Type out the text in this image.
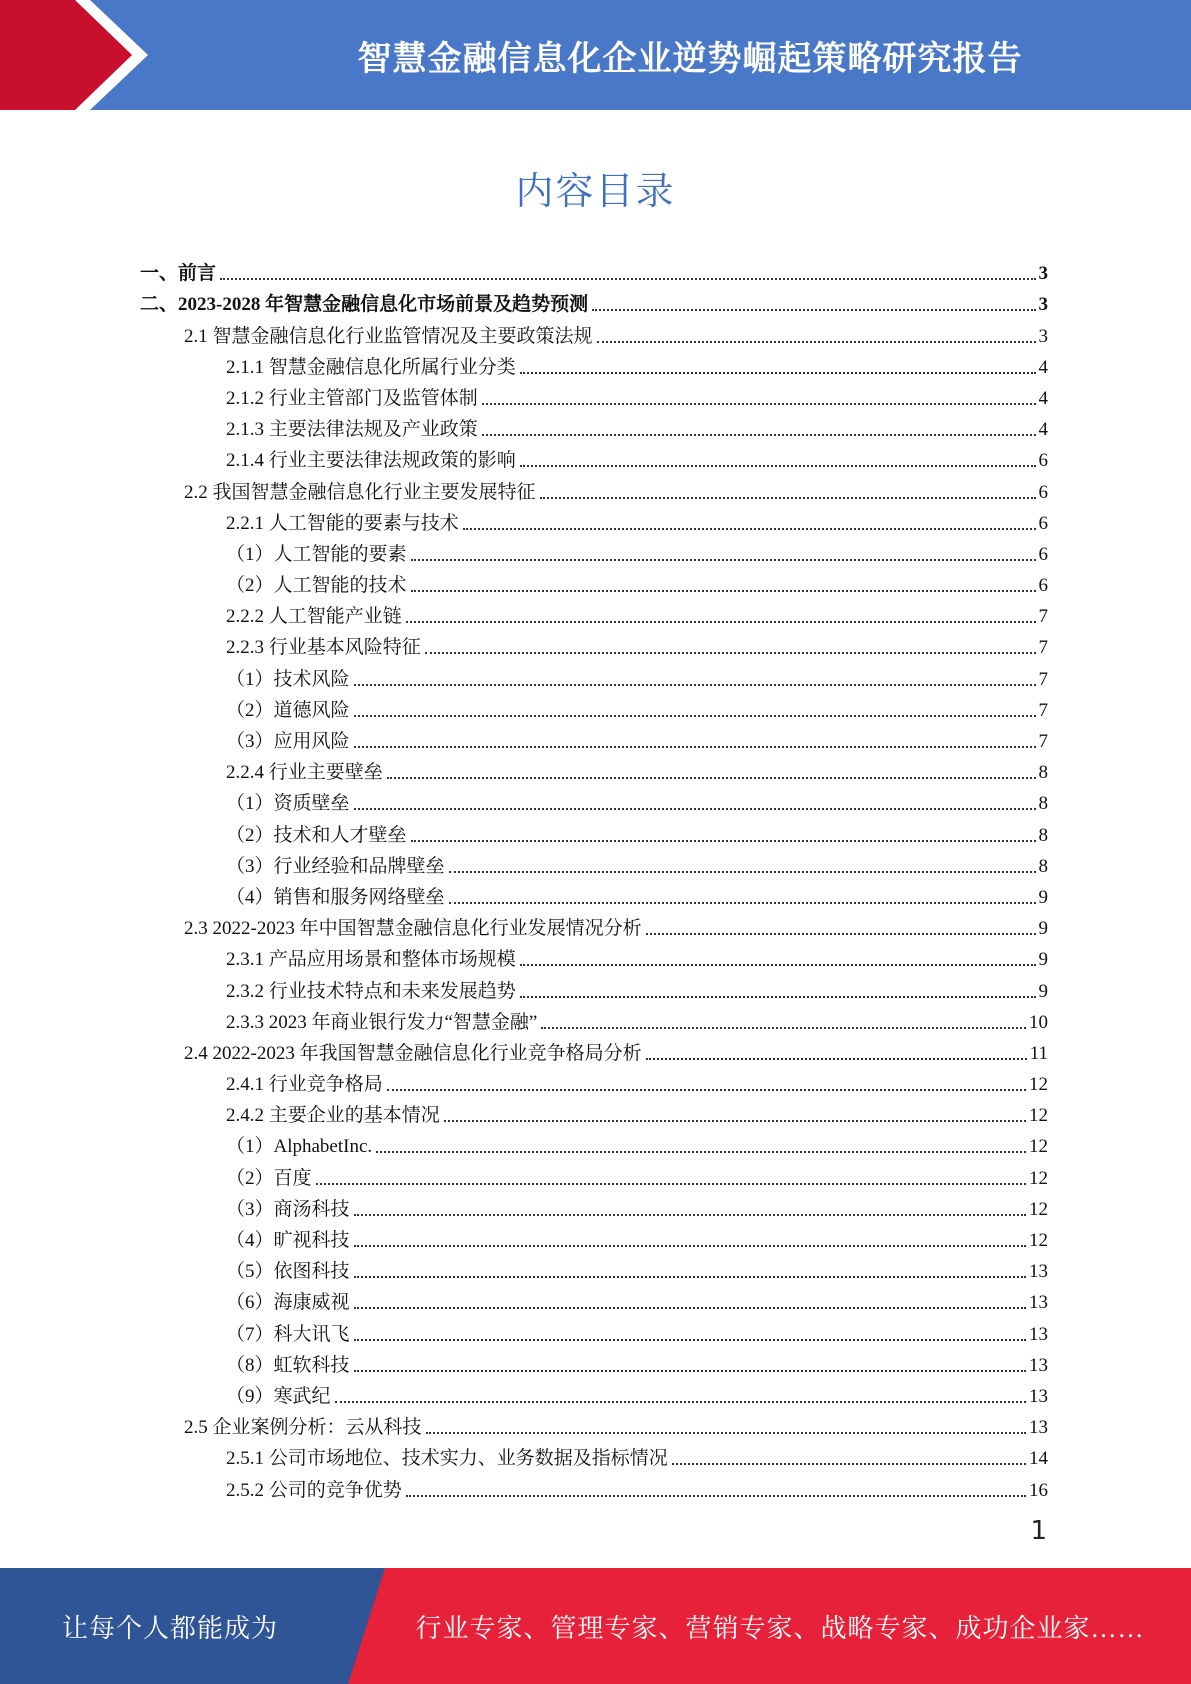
智慧金融信息化企业逆势崛起策略研究报告
内容目录
一、前言	3
二、2023-2028 年智慧金融信息化市场前景及趋势预测	3
2.1 智慧金融信息化行业监管情况及主要政策法规	3
2.1.1 智慧金融信息化所属行业分类	4
2.1.2 行业主管部门及监管体制	4
2.1.3 主要法律法规及产业政策	4
2.1.4 行业主要法律法规政策的影响	6
2.2 我国智慧金融信息化行业主要发展特征	6
2.2.1 人工智能的要素与技术	6
（1）人工智能的要素	6
（2）人工智能的技术	6
2.2.2 人工智能产业链	7
2.2.3 行业基本风险特征	7
（1）技术风险	7
（2）道德风险	7
（3）应用风险	7
2.2.4 行业主要壁垒	8
（1）资质壁垒	8
（2）技术和人才壁垒	8
（3）行业经验和品牌壁垒	8
（4）销售和服务网络壁垒	9
2.3 2022-2023 年中国智慧金融信息化行业发展情况分析	9
2.3.1 产品应用场景和整体市场规模	9
2.3.2 行业技术特点和未来发展趋势	9
2.3.3 2023 年商业银行发力“智慧金融”	10
2.4 2022-2023 年我国智慧金融信息化行业竞争格局分析	11
2.4.1 行业竞争格局	12
2.4.2 主要企业的基本情况	12
（1）AlphabetInc.	12
（2）百度	12
（3）商汤科技	12
（4）旷视科技	12
（5）依图科技	13
（6）海康威视	13
（7）科大讯飞	13
（8）虹软科技	13
（9）寒武纪	13
2.5 企业案例分析：云从科技	13
2.5.1 公司市场地位、技术实力、业务数据及指标情况	14
2.5.2 公司的竞争优势	16
1
让每个人都能成为	行业专家、管理专家、营销专家、战略专家、成功企业家……
